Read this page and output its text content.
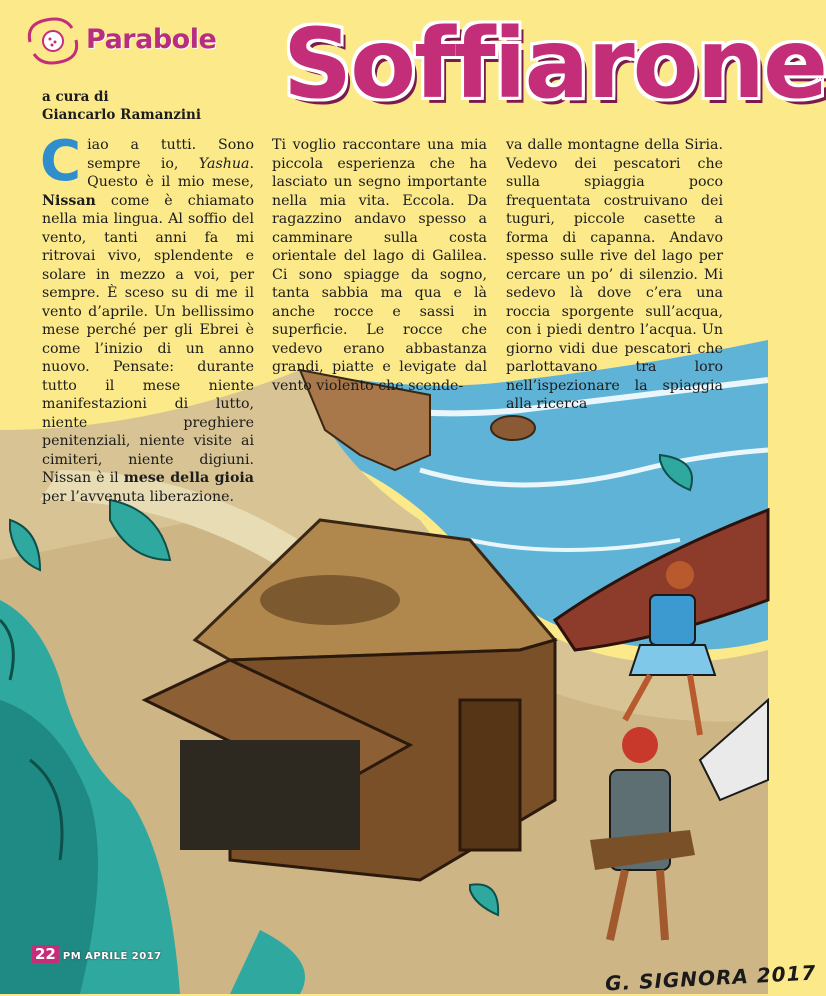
Parabole Soffiarone
a cura di
Giancarlo Ramanzini
C iao a tutti. Sono sempre io, Yashua. Questo è il mio mese, Nissan come è chiamato nella mia lingua. Al soffio del vento, tanti anni fa mi ritrovai vivo, splendente e solare in mezzo a voi, per sempre. È sceso su di me il vento d’aprile. Un bellissimo mese perché per gli Ebrei è come l’inizio di un anno nuovo. Pensate: durante tutto il mese niente manifestazioni di lutto, niente preghiere penitenziali, niente visite ai cimiteri, niente digiuni. Nissan è il mese della gioia per l’avvenuta liberazione.

Ti voglio raccontare una mia piccola esperienza che ha lasciato un segno importante nella mia vita. Eccola. Da ragazzino andavo spesso a camminare sulla costa orientale del lago di Galilea. Ci sono spiagge da sogno, tanta sabbia ma qua e là anche rocce e sassi in superficie. Le rocce che vedevo erano abbastanza grandi, piatte e levigate dal vento violento che scende-

va dalle montagne della Siria. Vedevo dei pescatori che sulla spiaggia poco frequentata costruivano dei tuguri, piccole casette a forma di capanna. Andavo spesso sulle rive del lago per cercare un po’ di silenzio. Mi sedevo là dove c’era una roccia sporgente sull’acqua, con i piedi dentro l’acqua. Un giorno vidi due pescatori che parlottavano tra loro nell’ispezionare la spiaggia alla ricerca

22 PM APRILE 2017
G. SIGNORA 2017
